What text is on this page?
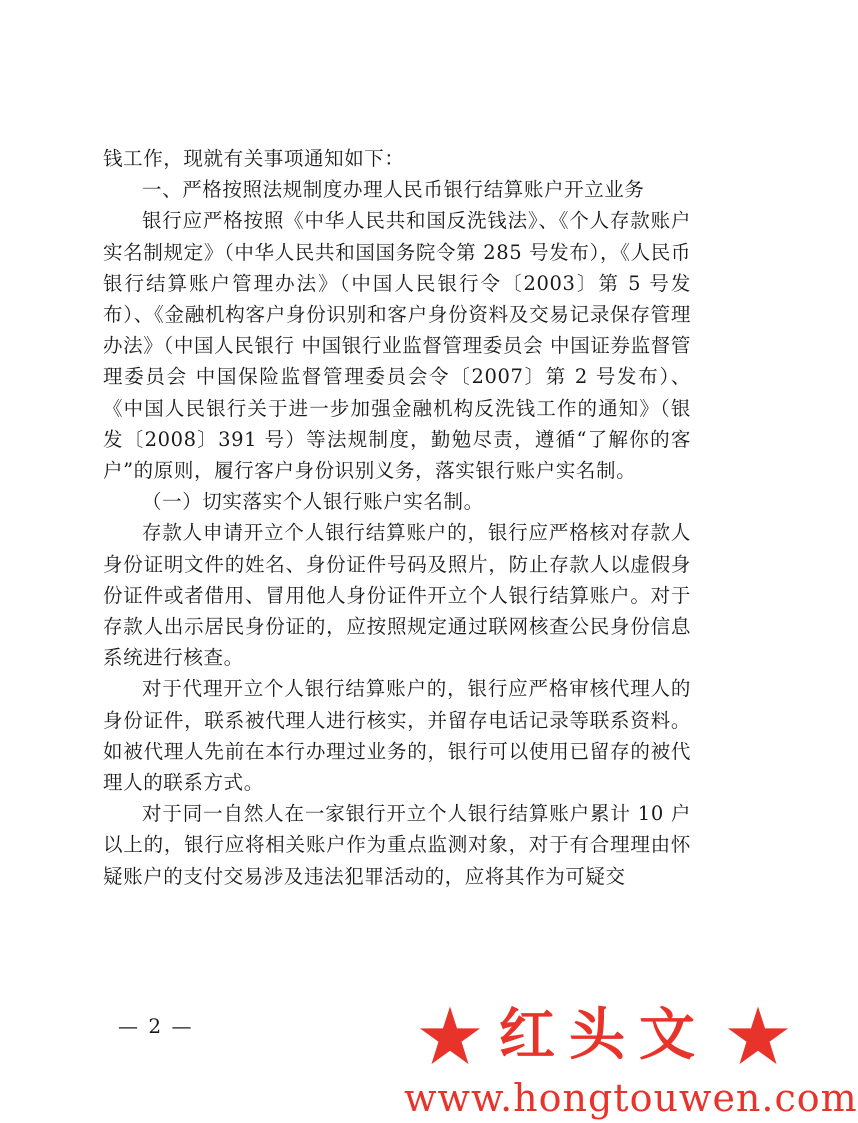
钱工作，现就有关事项通知如下：

一、严格按照法规制度办理人民币银行结算账户开立业务

银行应严格按照《中华人民共和国反洗钱法》、《个人存款账户实名制规定》（中华人民共和国国务院令第 285 号发布），《人民币银行结算账户管理办法》（中国人民银行令〔2003〕第 5 号发布）、《金融机构客户身份识别和客户身份资料及交易记录保存管理办法》（中国人民银行 中国银行业监督管理委员会 中国证券监督管理委员会 中国保险监督管理委员会令〔2007〕第 2 号发布）、《中国人民银行关于进一步加强金融机构反洗钱工作的通知》（银发〔2008〕391 号）等法规制度，勤勉尽责，遵循“了解你的客户”的原则，履行客户身份识别义务，落实银行账户实名制。

（一）切实落实个人银行账户实名制。

存款人申请开立个人银行结算账户的，银行应严格核对存款人身份证明文件的姓名、身份证件号码及照片，防止存款人以虚假身份证件或者借用、冒用他人身份证件开立个人银行结算账户。对于存款人出示居民身份证的，应按照规定通过联网核查公民身份信息系统进行核查。

对于代理开立个人银行结算账户的，银行应严格审核代理人的身份证件，联系被代理人进行核实，并留存电话记录等联系资料。如被代理人先前在本行办理过业务的，银行可以使用已留存的被代理人的联系方式。

对于同一自然人在一家银行开立个人银行结算账户累计 10 户以上的，银行应将相关账户作为重点监测对象，对于有合理理由怀疑账户的支付交易涉及违法犯罪活动的，应将其作为可疑交

— 2 —	红头文
www.hongtouwen.com
